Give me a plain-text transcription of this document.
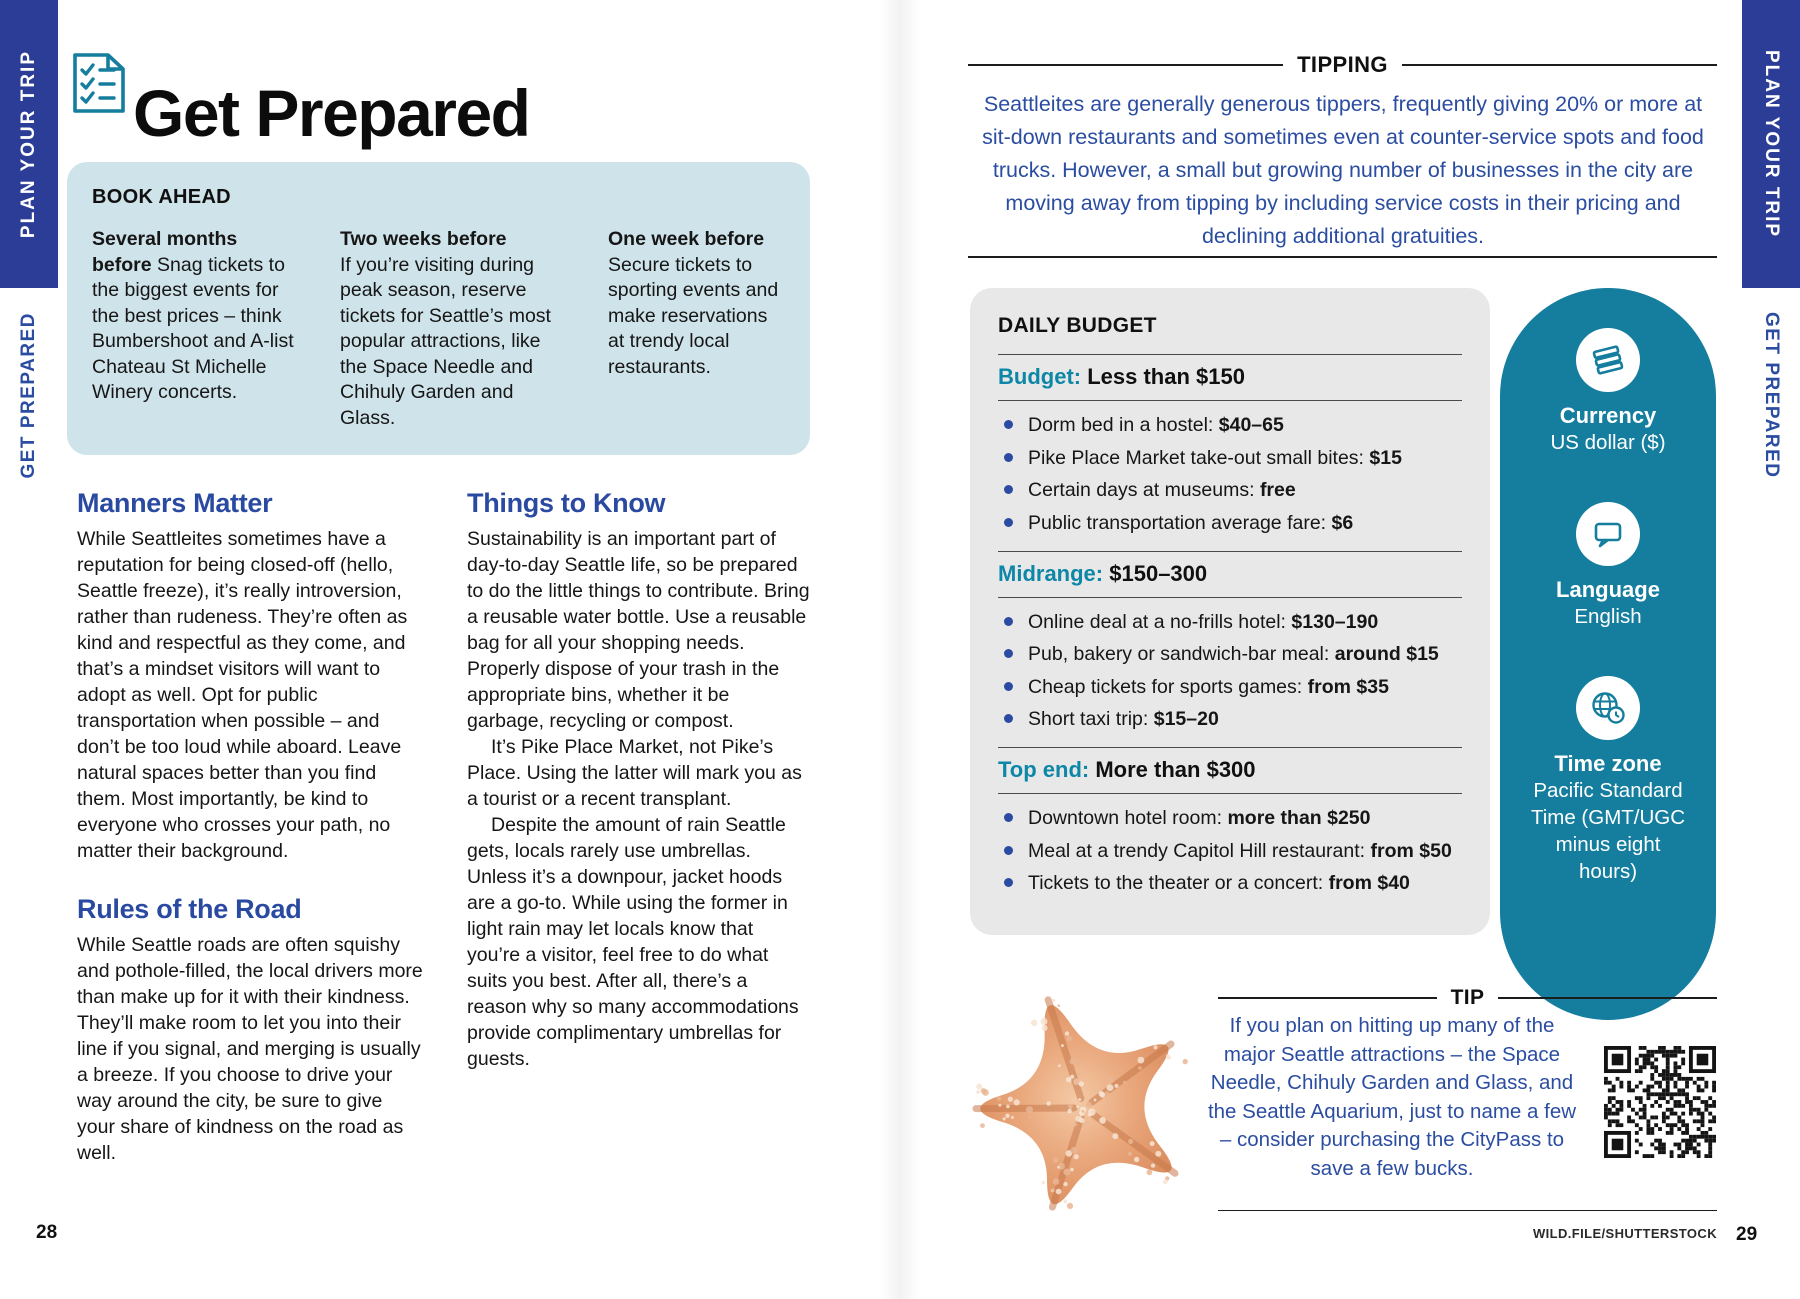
PLAN YOUR TRIP
GET PREPARED
Get Prepared
BOOK AHEAD
Several months before Snag tickets to the biggest events for the best prices – think Bumbershoot and A-list Chateau St Michelle Winery concerts.
Two weeks before
If you’re visiting during peak season, reserve tickets for Seattle’s most popular attractions, like the Space Needle and Chihuly Garden and Glass.
One week before
Secure tickets to sporting events and make reservations at trendy local restaurants.
Manners Matter

While Seattleites sometimes have a reputation for being closed-off (hello, Seattle freeze), it’s really introversion, rather than rudeness. They’re often as kind and respectful as they come, and that’s a mindset visitors will want to adopt as well. Opt for public transportation when possible – and don’t be too loud while aboard. Leave natural spaces better than you find them. Most importantly, be kind to everyone who crosses your path, no matter their background.

Rules of the Road

While Seattle roads are often squishy and pothole-filled, the local drivers more than make up for it with their kindness. They’ll make room to let you into their line if you signal, and merging is usually a breeze. If you choose to drive your way around the city, be sure to give your share of kindness on the road as well.

Things to Know

Sustainability is an important part of day-to-day Seattle life, so be prepared to do the little things to contribute. Bring a reusable water bottle. Use a reusable bag for all your shopping needs. Properly dispose of your trash in the appropriate bins, whether it be garbage, recycling or compost.

It’s Pike Place Market, not Pike’s Place. Using the latter will mark you as a tourist or a recent transplant.

Despite the amount of rain Seattle gets, locals rarely use umbrellas. Unless it’s a downpour, jacket hoods are a go-to. While using the former in light rain may let locals know that you’re a visitor, feel free to do what suits you best. After all, there’s a reason why so many accommodations provide complimentary umbrellas for guests.

28
TIPPING
Seattleites are generally generous tippers, frequently giving 20% or more at sit-down restaurants and sometimes even at counter-service spots and food trucks. However, a small but growing number of businesses in the city are moving away from tipping by including service costs in their pricing and declining additional gratuities.
DAILY BUDGET
Budget: Less than $150
Dorm bed in a hostel: $40–65
Pike Place Market take-out small bites: $15
Certain days at museums: free
Public transportation average fare: $6
Midrange: $150–300
Online deal at a no-frills hotel: $130–190
Pub, bakery or sandwich-bar meal: around $15
Cheap tickets for sports games: from $35
Short taxi trip: $15–20
Top end: More than $300
Downtown hotel room: more than $250
Meal at a trendy Capitol Hill restaurant: from $50
Tickets to the theater or a concert: from $40
Currency
US dollar ($)
Language
English
Time zone
Pacific Standard Time (GMT/UGC minus eight hours)
TIP
If you plan on hitting up many of the major Seattle attractions – the Space Needle, Chihuly Garden and Glass, and the Seattle Aquarium, just to name a few – consider purchasing the CityPass to save a few bucks.
WILD.FILE/SHUTTERSTOCK 29
PLAN YOUR TRIP
GET PREPARED
